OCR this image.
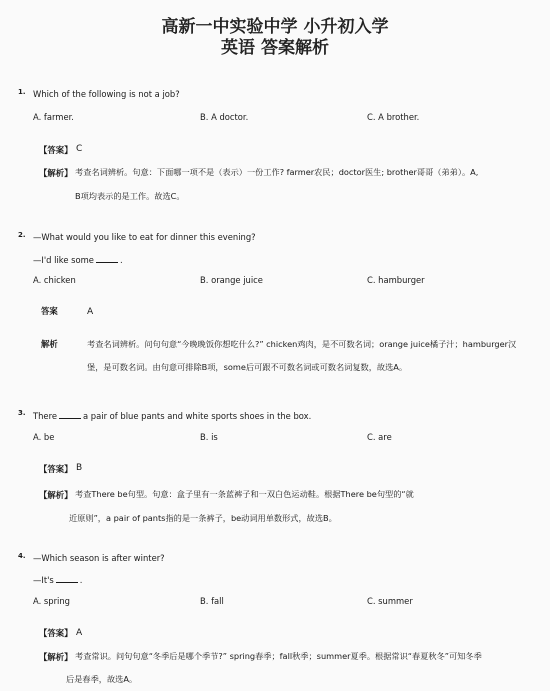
高新一中实验中学 小升初入学
英语 答案解析
1. Which of the following is not a job?
A. farmer.	B. A doctor.	C. A brother.
【答案】 C
【解析】 考查名词辨析。句意：下面哪一项不是（表示）一份工作? farmer农民；doctor医生; brother哥哥（弟弟）。A,
B项均表示的是工作。故选C。
2. —What would you like to eat for dinner this evening?
—I'd like some	.
A. chicken	B. orange juice	C. hamburger
答案	A
解析	考查名词辨析。问句句意“今晚晚饭你想吃什么?” chicken鸡肉，是不可数名词；orange juice橘子汁；hamburger汉
堡，是可数名词。由句意可排除B项，some后可跟不可数名词或可数名词复数，故选A。
3. There	a pair of blue pants and white sports shoes in the box.
A. be	B. is	C. are
【答案】 B
【解析】 考查There be句型。句意：盒子里有一条蓝裤子和一双白色运动鞋。根据There be句型的“就
近原则”，a pair of pants指的是一条裤子，be动词用单数形式，故选B。
4. —Which season is after winter?
—It's	.
A. spring	B. fall	C. summer
【答案】 A
【解析】 考查常识。问句句意“冬季后是哪个季节?” spring春季；fall秋季；summer夏季。根据常识“春夏秋冬”可知冬季
后是春季，故选A。
